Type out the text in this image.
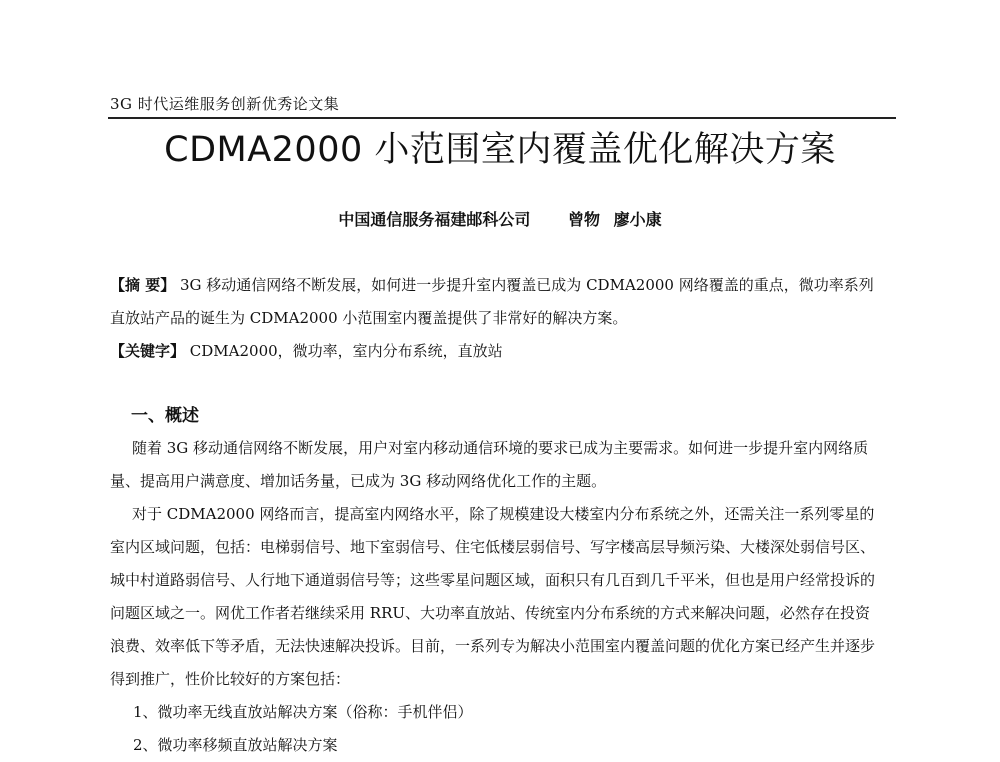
3G 时代运维服务创新优秀论文集
CDMA2000 小范围室内覆盖优化解决方案
中国通信服务福建邮科公司 曾物 廖小康

【摘 要】 3G 移动通信网络不断发展，如何进一步提升室内覆盖已成为 CDMA2000 网络覆盖的重点，微功率系列直放站产品的诞生为 CDMA2000 小范围室内覆盖提供了非常好的解决方案。

【关键字】 CDMA2000，微功率，室内分布系统，直放站

一、概述

随着 3G 移动通信网络不断发展，用户对室内移动通信环境的要求已成为主要需求。如何进一步提升室内网络质量、提高用户满意度、增加话务量，已成为 3G 移动网络优化工作的主题。

对于 CDMA2000 网络而言，提高室内网络水平，除了规模建设大楼室内分布系统之外，还需关注一系列零星的室内区域问题，包括：电梯弱信号、地下室弱信号、住宅低楼层弱信号、写字楼高层导频污染、大楼深处弱信号区、城中村道路弱信号、人行地下通道弱信号等；这些零星问题区域，面积只有几百到几千平米，但也是用户经常投诉的问题区域之一。网优工作者若继续采用 RRU、大功率直放站、传统室内分布系统的方式来解决问题，必然存在投资浪费、效率低下等矛盾，无法快速解决投诉。目前，一系列专为解决小范围室内覆盖问题的优化方案已经产生并逐步得到推广，性价比较好的方案包括：

1、微功率无线直放站解决方案（俗称：手机伴侣）
2、微功率移频直放站解决方案
